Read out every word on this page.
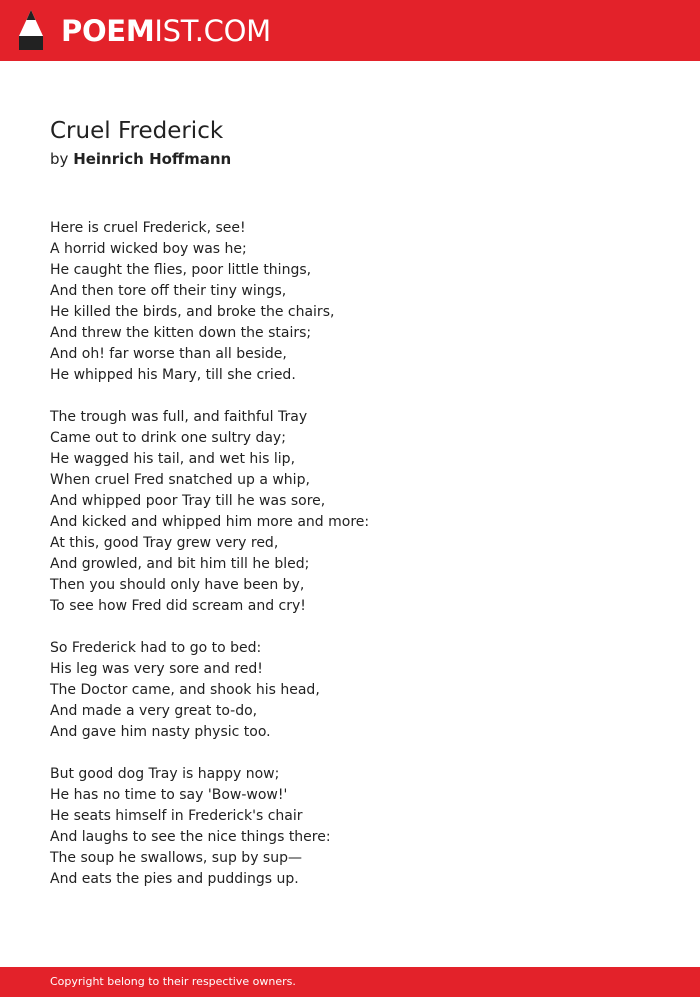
POEMIST.COM
Cruel Frederick
by Heinrich Hoffmann
Here is cruel Frederick, see!
A horrid wicked boy was he;
He caught the flies, poor little things,
And then tore off their tiny wings,
He killed the birds, and broke the chairs,
And threw the kitten down the stairs;
And oh! far worse than all beside,
He whipped his Mary, till she cried.
The trough was full, and faithful Tray
Came out to drink one sultry day;
He wagged his tail, and wet his lip,
When cruel Fred snatched up a whip,
And whipped poor Tray till he was sore,
And kicked and whipped him more and more:
At this, good Tray grew very red,
And growled, and bit him till he bled;
Then you should only have been by,
To see how Fred did scream and cry!
So Frederick had to go to bed:
His leg was very sore and red!
The Doctor came, and shook his head,
And made a very great to-do,
And gave him nasty physic too.
But good dog Tray is happy now;
He has no time to say 'Bow-wow!'
He seats himself in Frederick's chair
And laughs to see the nice things there:
The soup he swallows, sup by sup—
And eats the pies and puddings up.
Copyright belong to their respective owners.
